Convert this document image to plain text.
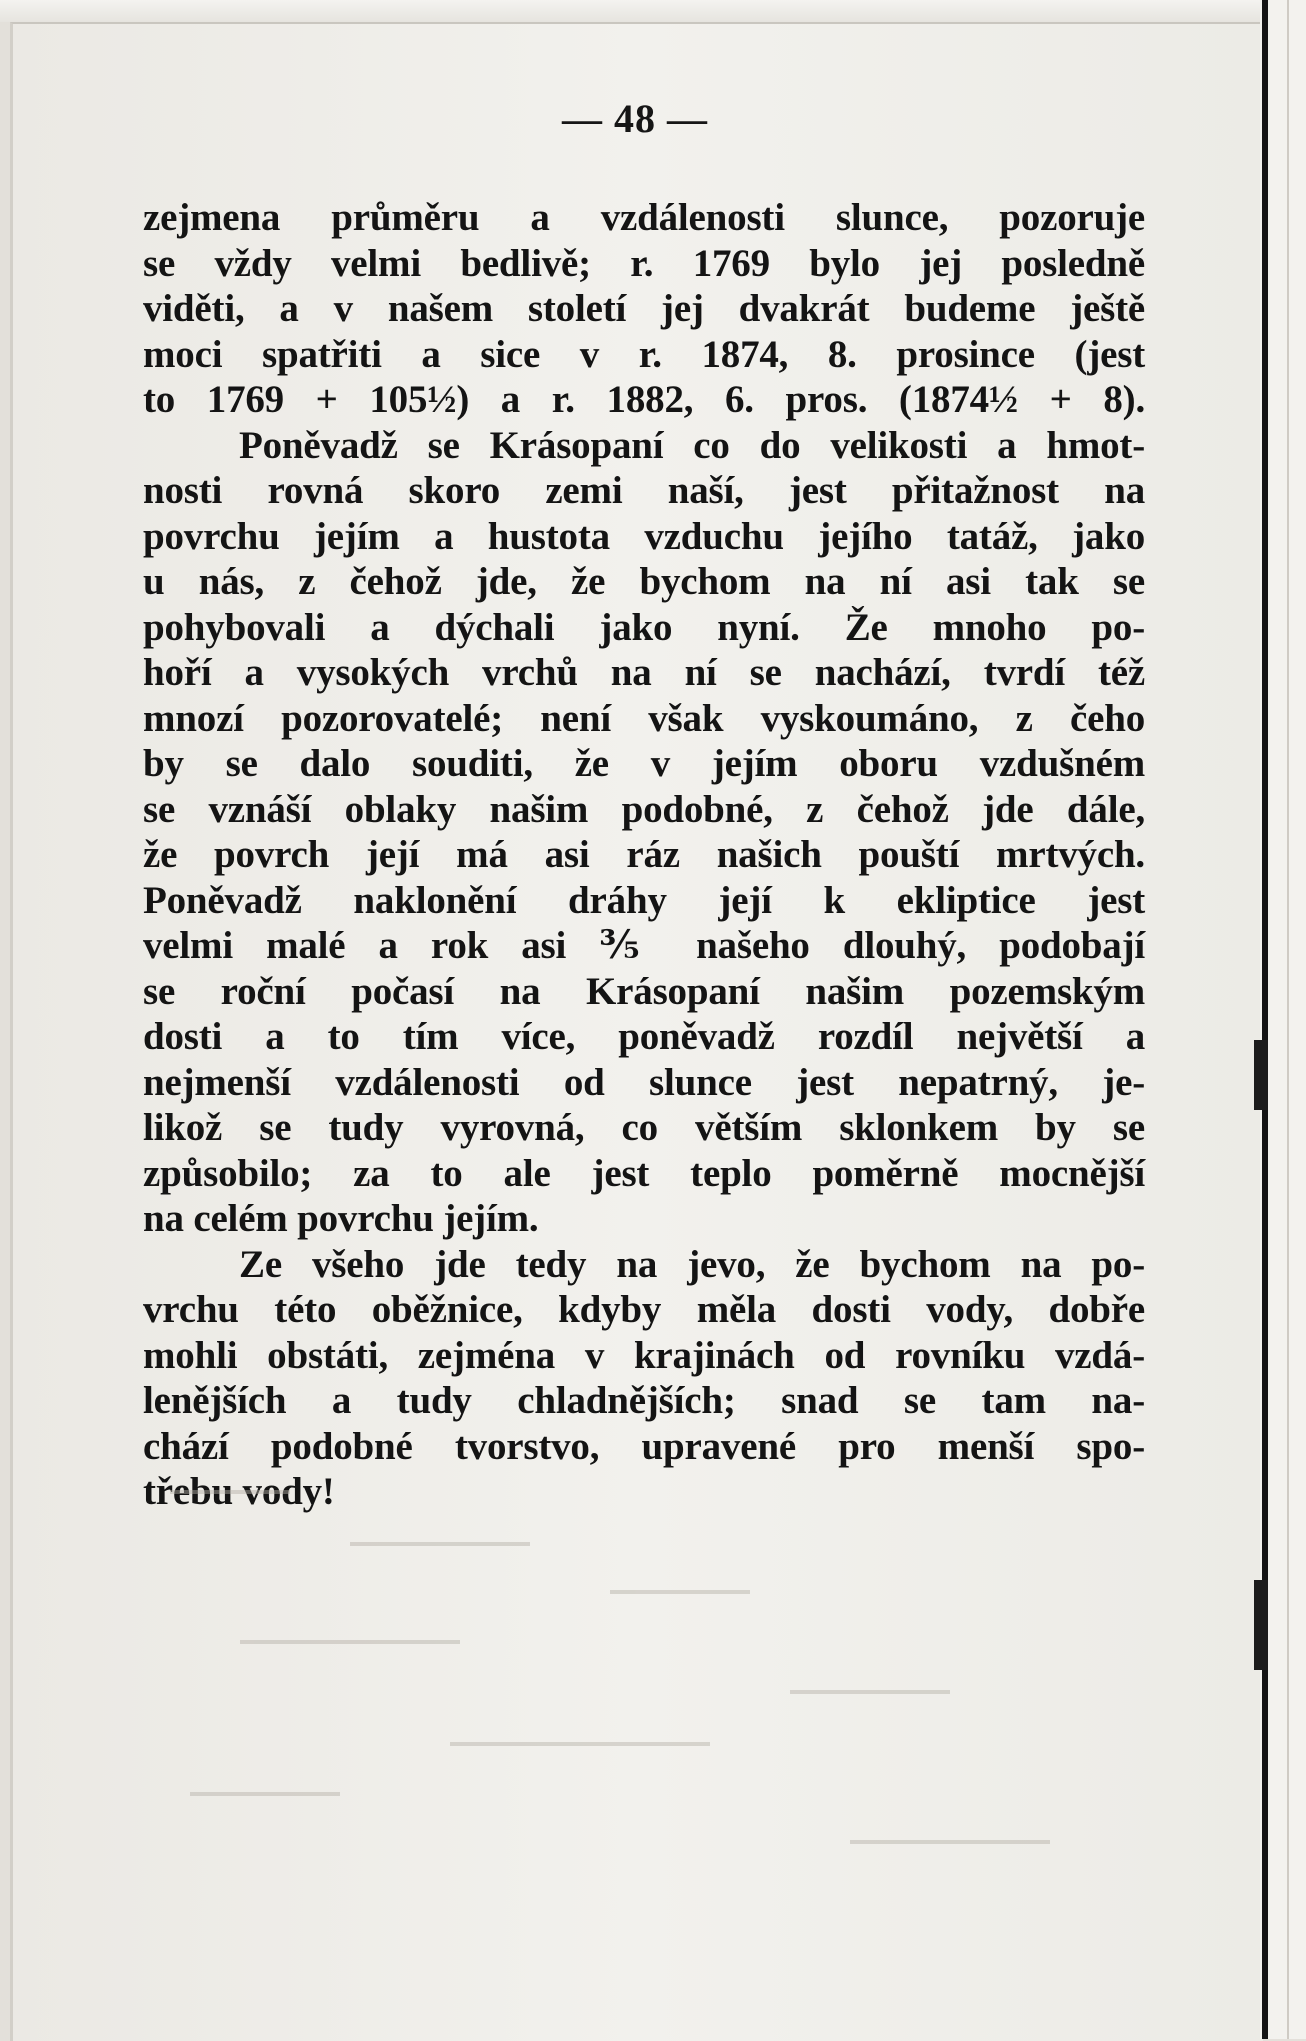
— 48 —
zejmena průměru a vzdálenosti slunce, pozoruje
se vždy velmi bedlivě; r. 1769 bylo jej posledně
viděti, a v našem století jej dvakrát budeme ještě
moci spatřiti a sice v r. 1874, 8. prosince (jest
to 1769 + 105½) a r. 1882, 6. pros. (1874½ + 8).
Poněvadž se Krásopaní co do velikosti a hmot-
nosti rovná skoro zemi naší, jest přitažnost na
povrchu jejím a hustota vzduchu jejího tatáž, jako
u nás, z čehož jde, že bychom na ní asi tak se
pohybovali a dýchali jako nyní. Že mnoho po-
hoří a vysokých vrchů na ní se nachází, tvrdí též
mnozí pozorovatelé; není však vyskoumáno, z čeho
by se dalo souditi, že v jejím oboru vzdušném
se vznáší oblaky našim podobné, z čehož jde dále,
že povrch její má asi ráz našich pouští mrtvých.
Poněvadž naklonění dráhy její k ekliptice jest
velmi malé a rok asi ⅗ našeho dlouhý, podobají
se roční počasí na Krásopaní našim pozemským
dosti a to tím více, poněvadž rozdíl největší a
nejmenší vzdálenosti od slunce jest nepatrný, je-
likož se tudy vyrovná, co větším sklonkem by se
způsobilo; za to ale jest teplo poměrně mocnější
na celém povrchu jejím.
Ze všeho jde tedy na jevo, že bychom na po-
vrchu této oběžnice, kdyby měla dosti vody, dobře
mohli obstáti, zejména v krajinách od rovníku vzdá-
lenějších a tudy chladnějších; snad se tam na-
chází podobné tvorstvo, upravené pro menší spo-
třebu vody!
